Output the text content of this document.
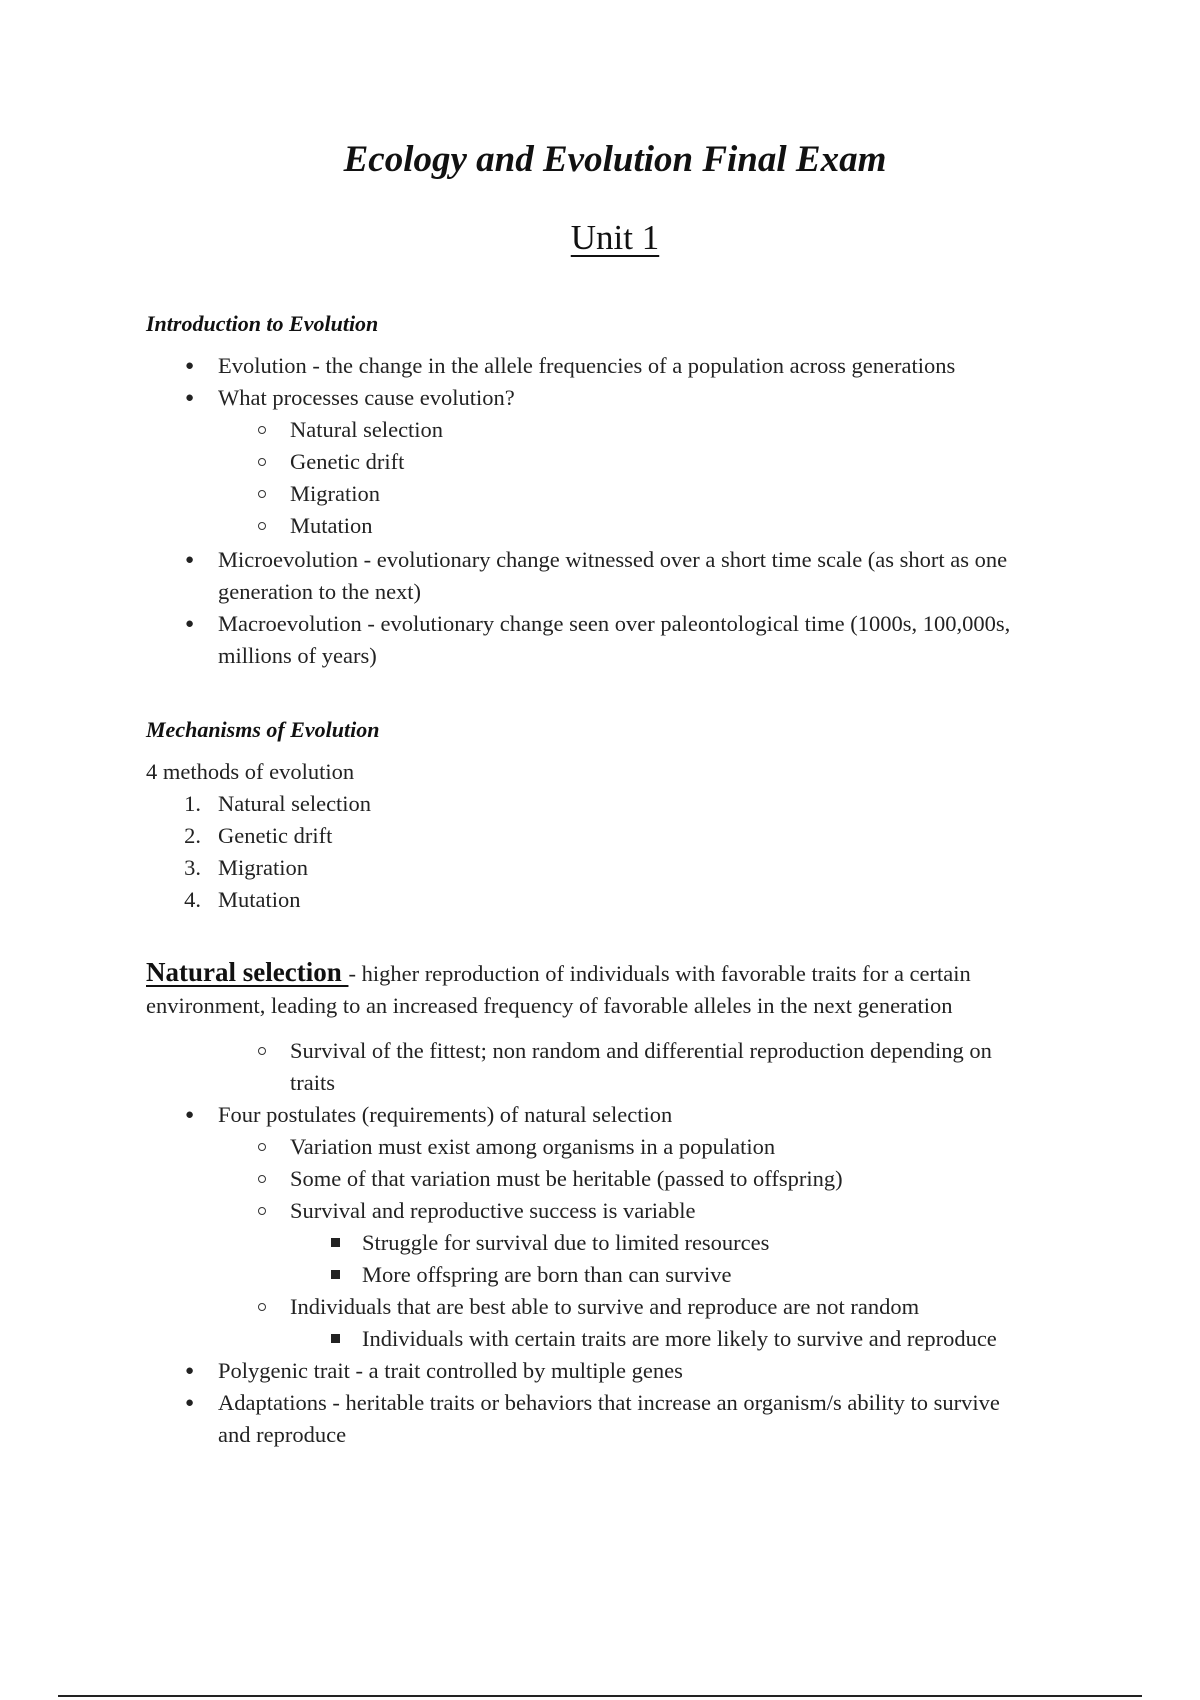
Ecology and Evolution Final Exam
Unit 1
Introduction to Evolution
● Evolution - the change in the allele frequencies of a population across generations
● What processes cause evolution?
Natural selection
Genetic drift
Migration
Mutation
● Microevolution - evolutionary change witnessed over a short time scale (as short as one
generation to the next)
● Macroevolution - evolutionary change seen over paleontological time (1000s, 100,000s,
millions of years)
Mechanisms of Evolution
4 methods of evolution
1. Natural selection
2. Genetic drift
3. Migration
4. Mutation
Natural selection - higher reproduction of individuals with favorable traits for a certain
environment, leading to an increased frequency of favorable alleles in the next generation
Survival of the fittest; non random and differential reproduction depending on
traits
● Four postulates (requirements) of natural selection
Variation must exist among organisms in a population
Some of that variation must be heritable (passed to offspring)
Survival and reproductive success is variable
Struggle for survival due to limited resources
More offspring are born than can survive
Individuals that are best able to survive and reproduce are not random
Individuals with certain traits are more likely to survive and reproduce
● Polygenic trait - a trait controlled by multiple genes
● Adaptations - heritable traits or behaviors that increase an organism/s ability to survive
and reproduce
